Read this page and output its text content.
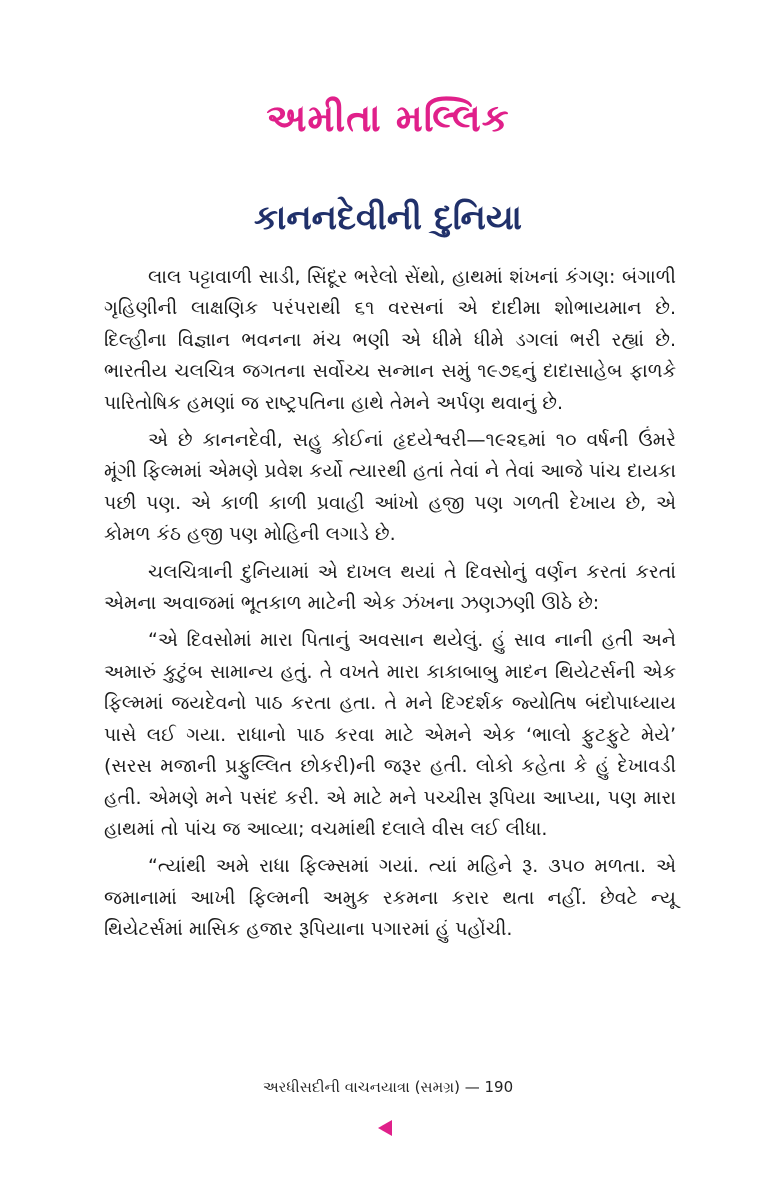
અમીતા મલ્લિક
કાનનદેવીની દુનિયા

લાલ પટ્ટાવાળી સાડી, સિંદૂર ભરેલો સેંથો, હાથમાં શંખનાં કંગણ: બંગાળી ગૃહિણીની લાક્ષણિક પરંપરાથી ૬૧ વરસનાં એ દાદીમા શોભાયમાન છે. દિલ્હીના વિજ્ઞાન ભવનના મંચ ભણી એ ધીમે ધીમે ડગલાં ભરી રહ્યાં છે. ભારતીય ચલચિત્ર જગતના સર્વોચ્ચ સન્માન સમું ૧૯૭૬નું દાદાસાહેબ ફાળકે પારિતોષિક હમણાં જ રાષ્ટ્રપતિના હાથે તેમને અર્પણ થવાનું છે.

એ છે કાનનદેવી, સહુ કોઈનાં હૃદયેશ્વરી—૧૯૨૬માં ૧૦ વર્ષની ઉંમરે મૂંગી ફિલ્મમાં એમણે પ્રવેશ કર્યો ત્યારથી હતાં તેવાં ને તેવાં આજે પાંચ દાયકા પછી પણ. એ કાળી કાળી પ્રવાહી આંખો હજી પણ ગળતી દેખાય છે, એ કોમળ કંઠ હજી પણ મોહિની લગાડે છે.

ચલચિત્રાની દુનિયામાં એ દાખલ થયાં તે દિવસોનું વર્ણન કરતાં કરતાં એમના અવાજમાં ભૂતકાળ માટેની એક ઝંખના ઝણઝણી ઊઠે છે:

“એ દિવસોમાં મારા પિતાનું અવસાન થયેલું. હું સાવ નાની હતી અને અમારું કુટુંબ સામાન્ય હતું. તે વખતે મારા કાકાબાબુ માદન થિયેટર્સની એક ફિલ્મમાં જયદેવનો પાઠ કરતા હતા. તે મને દિગ્દર્શક જ્યોતિષ બંદોપાધ્યાય પાસે લઈ ગયા. રાધાનો પાઠ કરવા માટે એમને એક ‘ભાલો ફુટફુટે મેયે’ (સરસ મજાની પ્રફુલ્લિત છોકરી)ની જરૂર હતી. લોકો કહેતા કે હું દેખાવડી હતી. એમણે મને પસંદ કરી. એ માટે મને પચ્ચીસ રૂપિયા આપ્યા, પણ મારા હાથમાં તો પાંચ જ આવ્યા; વચમાંથી દલાલે વીસ લઈ લીધા.

“ત્યાંથી અમે રાધા ફિલ્મ્સમાં ગયાં. ત્યાં મહિને રૂ. ૩૫૦ મળતા. એ જમાનામાં આખી ફિલ્મની અમુક રકમના કરાર થતા નહીં. છેવટે ન્યૂ થિયેટર્સમાં માસિક હજાર રૂપિયાના પગારમાં હું પહોંચી.

અરધીસદીની વાચનયાત્રા (સમગ્ર) — 190
